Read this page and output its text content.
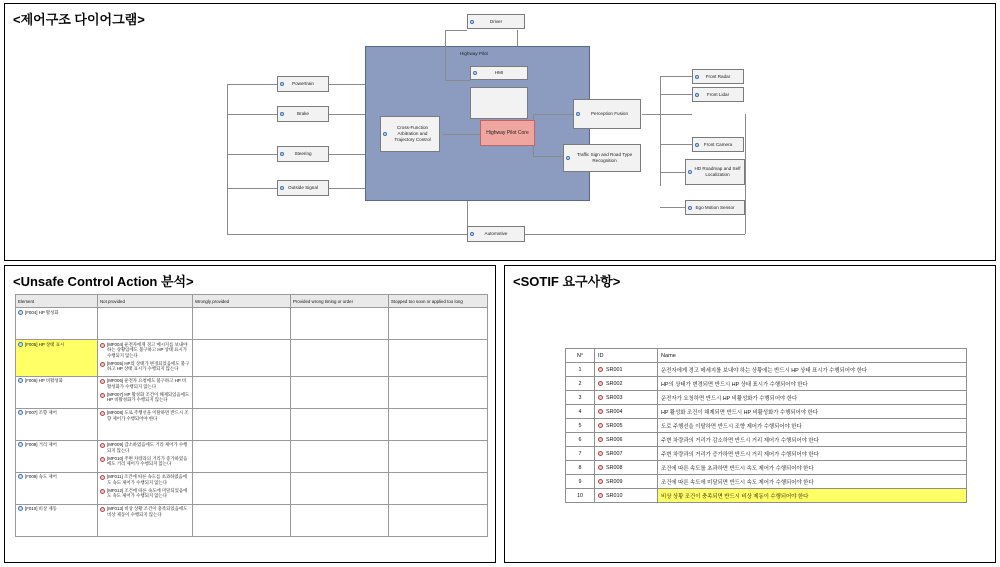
<제어구조 다이어그램>
Highway Pilot
Driver
HMI
Powertrain
Brake
Steering
Outside Signal
Cross-Function Arbitration and Trajectory Control
Highway Pilot Core
Perception Fusion
Traffic Sign and Road Type Recognition
Front Radar
Front Lidar
Front Camera
HD Roadmap and Self Localization
Ego Motion Sensor
Automotive
<Unsafe Control Action 분석>
Element	Not provided	Wrongly provided	Provided wrong timing or order	Stopped too soon or applied too long
[F004] HP 활성화				
[F005] HP 상태 표시	[MF004] 운전자에게 경고 메시지를 보내야 하는 상황임에도 불구하고 HP 상태 표시가 수행되지 않는다
[MF005] HP의 상태가 변경되었음에도 불구하고 HP 상태 표시가 수행되지 않는다			

[F006] HP 비활성화	[MF006] 운전자 요청에도 불구하고 HP 비활성화가 수행되지 않는다
[MF007] HP 활성화 조건이 해제되었음에도 HP 비활성화가 수행되지 않는다			

[F007] 조향 제어	[MF008] 도로 주행선을 이탈하면 반드시 조향 제어가 수행되어야 한다			

[F008] 거리 제어	[MF009] 감소하였음에도 거리 제어가 수행되지 않는다
[MF010] 주변 차량과의 거리가 증가하였음에도 거리 제어가 수행되지 않는다			

[F009] 속도 제어	[MF011] 조건에 따른 속도를 초과하였음에도 속도 제어가 수행되지 않는다
[MF012] 조건에 따른 속도에 미달되었음에도 속도 제어가 수행되지 않는다			

[F010] 비상 제동	[MF013] 비상 상황 조건이 충족되었음에도 비상 제동이 수행되지 않는다			

<SOTIF 요구사항>
N°	ID	Name
1	SR001	운전자에게 경고 메세지를 보내야 하는 상황에는 반드시 HP 상태 표시가 수행되어야 한다
2	SR002	HP의 상태가 변경되면 반드시 HP 상태 표시가 수행되어야 한다
3	SR003	운전자가 요청하면 반드시 HP 비활성화가 수행되어야 한다
4	SR004	HP 활성화 조건이 해제되면 반드시 HP 비활성화가 수행되어야 한다
5	SR005	도로 주행선을 이탈하면 반드시 조향 제어가 수행되어야 한다
6	SR006	주변 차량과의 거리가 감소하면 반드시 거리 제어가 수행되어야 한다
7	SR007	주변 차량과의 거리가 증가하면 반드시 거리 제어가 수행되어야 한다
8	SR008	조건에 따른 속도를 초과하면 반드시 속도 제어가 수행되어야 한다
9	SR009	조건에 따른 속도에 미달되면 반드시 속도 제어가 수행되어야 한다
10	SR010	비상 상황 조건이 충족되면 반드시 비상 제동이 수행되어야 한다
